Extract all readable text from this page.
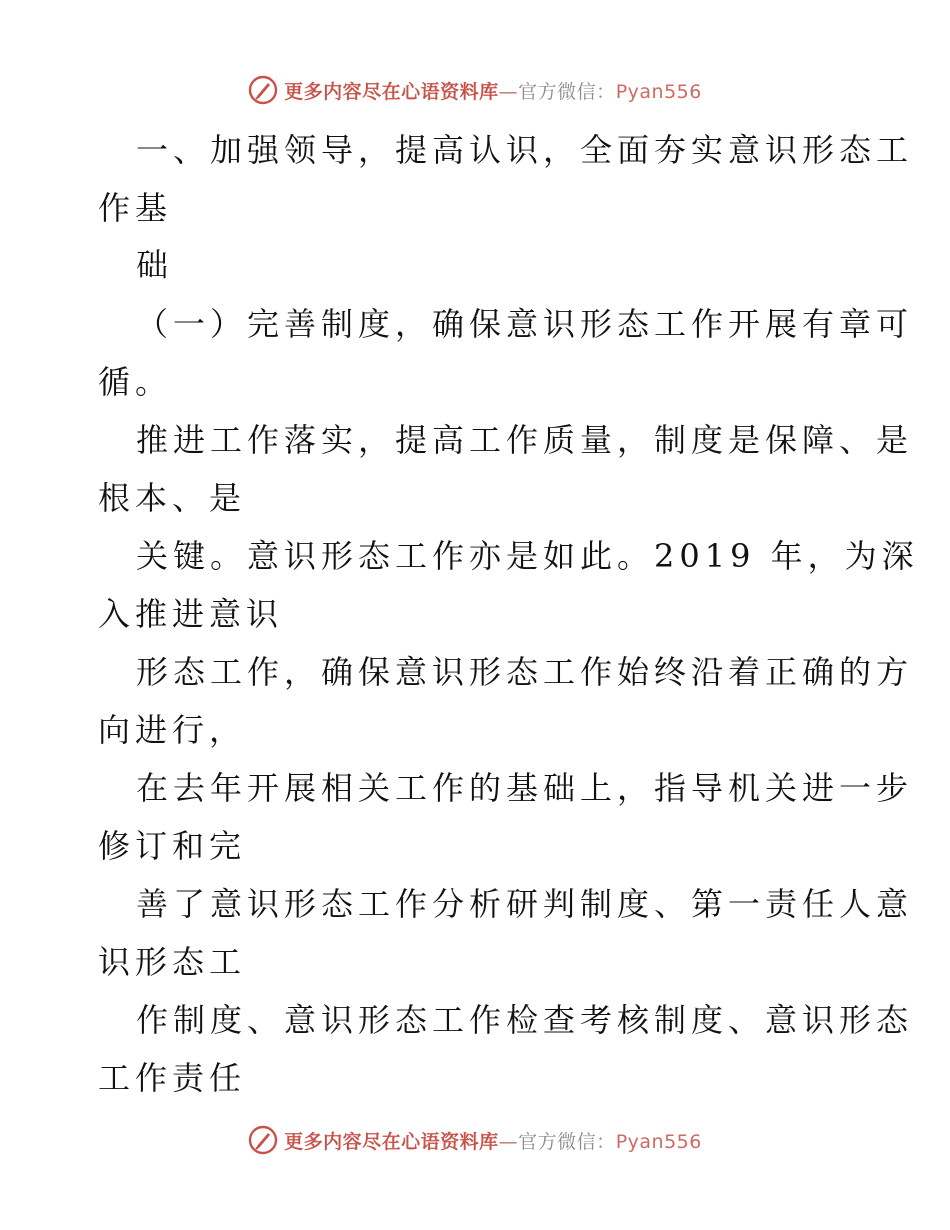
更多内容尽在心语资料库—官方微信：Pyan556
一、加强领导，提高认识，全面夯实意识形态工
作基
础
（一）完善制度，确保意识形态工作开展有章可
循。
推进工作落实，提高工作质量，制度是保障、是
根本、是
关键。意识形态工作亦是如此。2019 年，为深
入推进意识
形态工作，确保意识形态工作始终沿着正确的方
向进行，
在去年开展相关工作的基础上，指导机关进一步
修订和完
善了意识形态工作分析研判制度、第一责任人意
识形态工
作制度、意识形态工作检查考核制度、意识形态
工作责任
更多内容尽在心语资料库—官方微信：Pyan556
